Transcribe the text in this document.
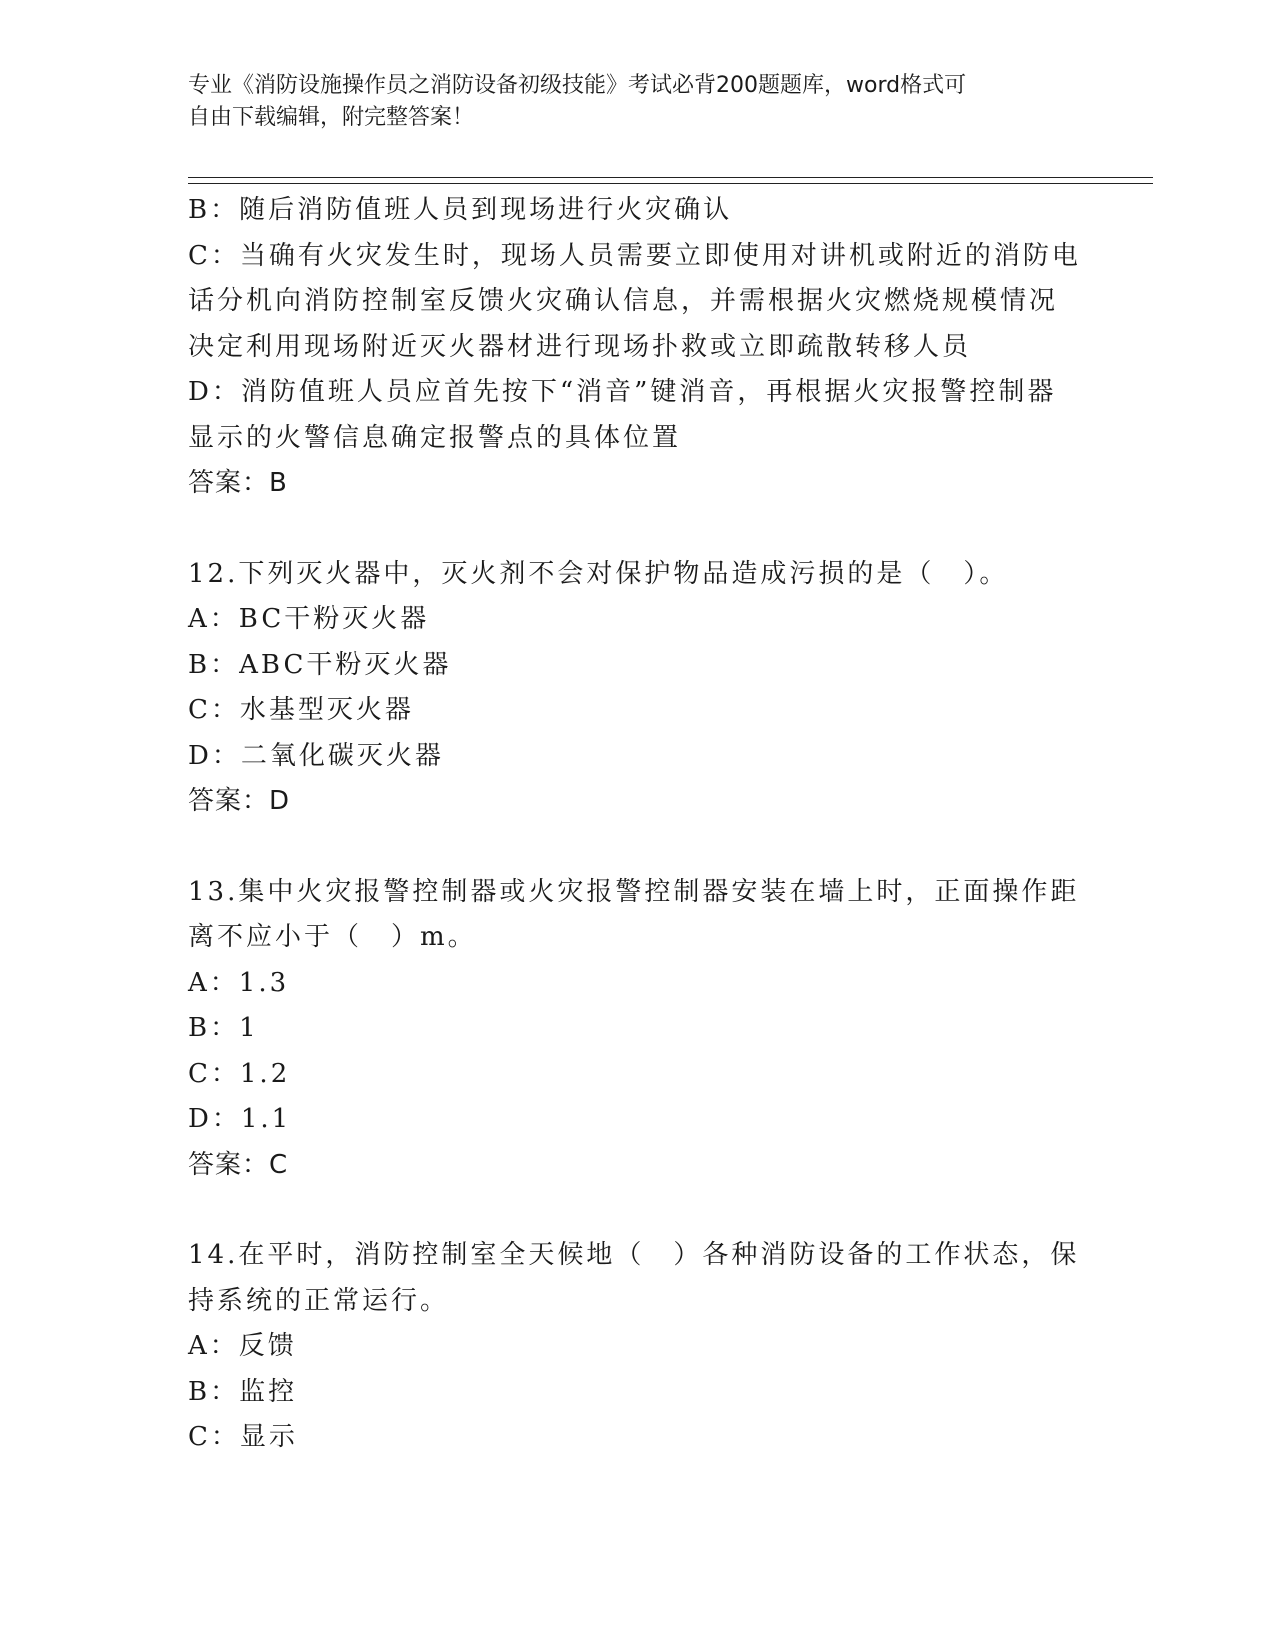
专业《消防设施操作员之消防设备初级技能》考试必背200题题库，word格式可
自由下载编辑，附完整答案！
B：随后消防值班人员到现场进行火灾确认
C：当确有火灾发生时，现场人员需要立即使用对讲机或附近的消防电
话分机向消防控制室反馈火灾确认信息，并需根据火灾燃烧规模情况
决定利用现场附近灭火器材进行现场扑救或立即疏散转移人员
D：消防值班人员应首先按下“消音”键消音，再根据火灾报警控制器
显示的火警信息确定报警点的具体位置
答案：B
12.下列灭火器中，灭火剂不会对保护物品造成污损的是（　）。
A：BC干粉灭火器
B：ABC干粉灭火器
C：水基型灭火器
D：二氧化碳灭火器
答案：D
13.集中火灾报警控制器或火灾报警控制器安装在墙上时，正面操作距
离不应小于（　）m。
A：1.3
B：1
C：1.2
D：1.1
答案：C
14.在平时，消防控制室全天候地（　）各种消防设备的工作状态，保
持系统的正常运行。
A：反馈
B：监控
C：显示
